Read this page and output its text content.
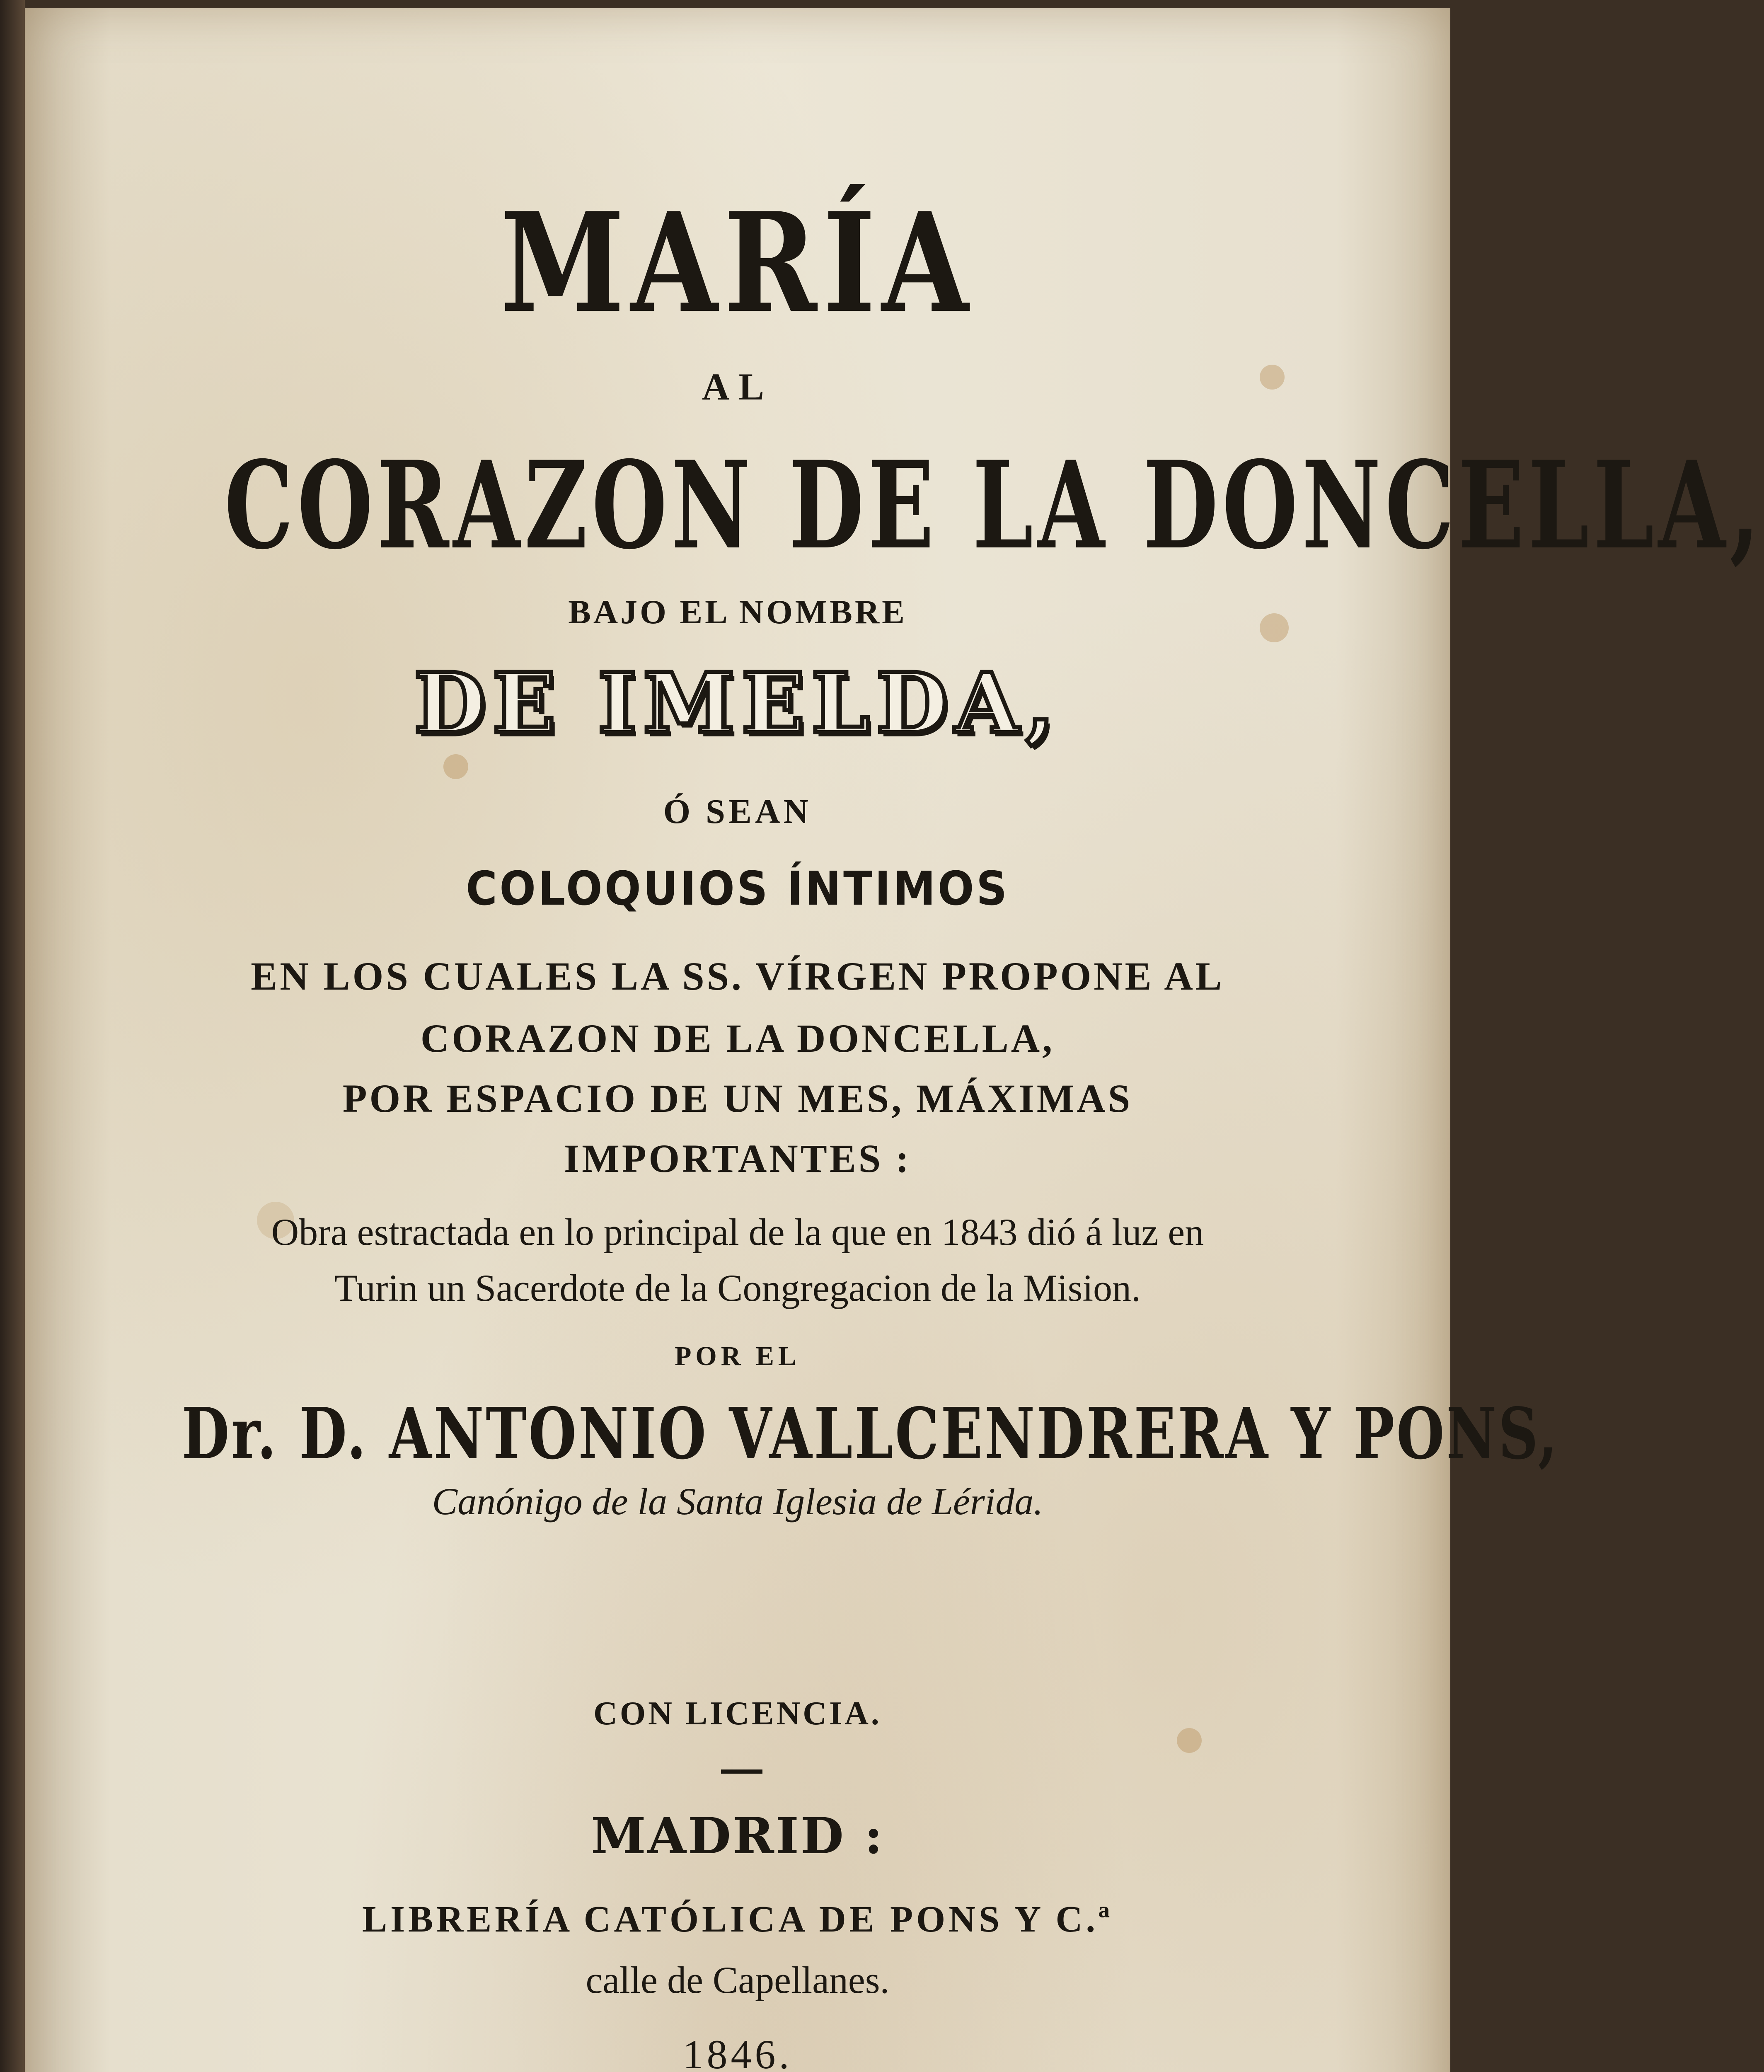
MARÍA
AL
CORAZON DE LA DONCELLA,
BAJO EL NOMBRE
DE IMELDA,
Ó SEAN
COLOQUIOS ÍNTIMOS
EN LOS CUALES LA SS. VÍRGEN PROPONE AL
CORAZON DE LA DONCELLA,
POR ESPACIO DE UN MES, MÁXIMAS
IMPORTANTES :
Obra estractada en lo principal de la que en 1843 dió á luz en
Turin un Sacerdote de la Congregacion de la Mision.
POR EL
Dr. D. ANTONIO VALLCENDRERA Y PONS,
Canónigo de la Santa Iglesia de Lérida.
CON LICENCIA.
MADRID :
LIBRERÍA CATÓLICA DE PONS Y C.ª
calle de Capellanes.
1846.
